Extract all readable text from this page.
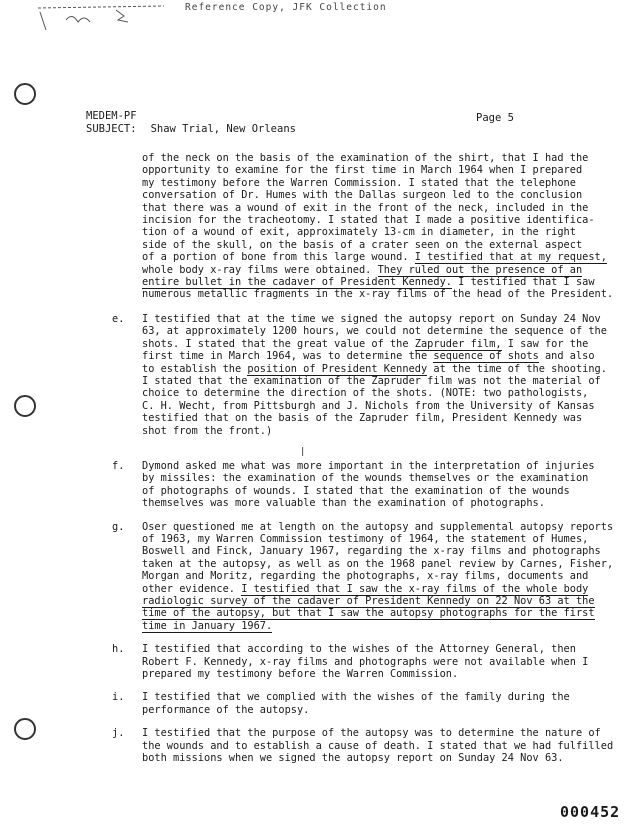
Reference Copy, JFK Collection
MEDEM-PF
SUBJECT: Shaw Trial, New Orleans
Page 5
of the neck on the basis of the examination of the shirt, that I had the
opportunity to examine for the first time in March 1964 when I prepared
my testimony before the Warren Commission. I stated that the telephone
conversation of Dr. Humes with the Dallas surgeon led to the conclusion
that there was a wound of exit in the front of the neck, included in the
incision for the tracheotomy. I stated that I made a positive identifica-
tion of a wound of exit, approximately 13-cm in diameter, in the right
side of the skull, on the basis of a crater seen on the external aspect
of a portion of bone from this large wound. I testified that at my request,
whole body x-ray films were obtained. They ruled out the presence of an
entire bullet in the cadaver of President Kennedy. I testified that I saw
numerous metallic fragments in the x-ray films of the head of the President.
e. I testified that at the time we signed the autopsy report on Sunday 24 Nov
63, at approximately 1200 hours, we could not determine the sequence of the
shots. I stated that the great value of the Zapruder film, I saw for the
first time in March 1964, was to determine the sequence of shots and also
to establish the position of President Kennedy at the time of the shooting.
I stated that the examination of the Zapruder film was not the material of
choice to determine the direction of the shots. (NOTE: two pathologists,
C. H. Wecht, from Pittsburgh and J. Nichols from the University of Kansas
testified that on the basis of the Zapruder film, President Kennedy was
shot from the front.)
|
f. Dymond asked me what was more important in the interpretation of injuries
by missiles: the examination of the wounds themselves or the examination
of photographs of wounds. I stated that the examination of the wounds
themselves was more valuable than the examination of photographs.
g. Oser questioned me at length on the autopsy and supplemental autopsy reports
of 1963, my Warren Commission testimony of 1964, the statement of Humes,
Boswell and Finck, January 1967, regarding the x-ray films and photographs
taken at the autopsy, as well as on the 1968 panel review by Carnes, Fisher,
Morgan and Moritz, regarding the photographs, x-ray films, documents and
other evidence. I testified that I saw the x-ray films of the whole body
radiologic survey of the cadaver of President Kennedy on 22 Nov 63 at the
time of the autopsy, but that I saw the autopsy photographs for the first
time in January 1967.
h. I testified that according to the wishes of the Attorney General, then
Robert F. Kennedy, x-ray films and photographs were not available when I
prepared my testimony before the Warren Commission.
i. I testified that we complied with the wishes of the family during the
performance of the autopsy.
j. I testified that the purpose of the autopsy was to determine the nature of
the wounds and to establish a cause of death. I stated that we had fulfilled
both missions when we signed the autopsy report on Sunday 24 Nov 63.
000452
